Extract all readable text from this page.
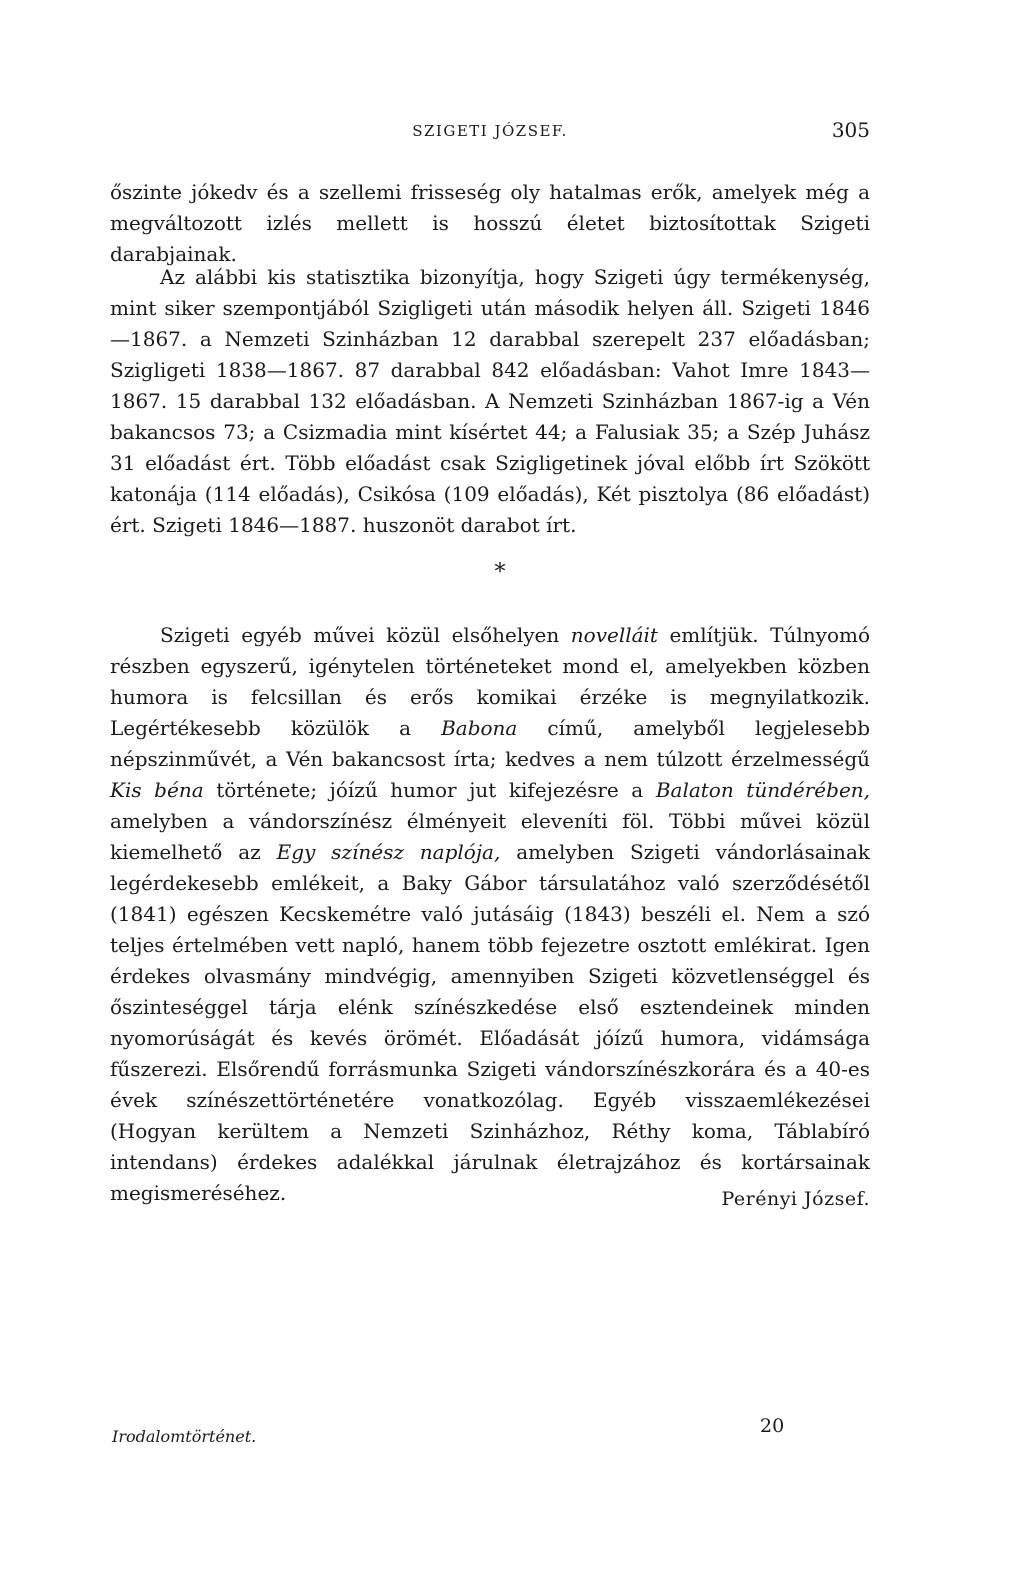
SZIGETI JÓZSEF.	305

őszinte jókedv és a szellemi frisseség oly hatalmas erők, amelyek még a megváltozott izlés mellett is hosszú életet biztosítottak Szigeti darabjainak.

Az alábbi kis statisztika bizonyítja, hogy Szigeti úgy termékenység, mint siker szempontjából Szigligeti után második helyen áll. Szigeti 1846—1867. a Nemzeti Szinházban 12 darabbal szerepelt 237 előadásban; Szigligeti 1838—1867. 87 darabbal 842 előadásban: Vahot Imre 1843—1867. 15 darabbal 132 előadásban. A Nemzeti Szinházban 1867-ig a Vén bakancsos 73; a Csizmadia mint kísértet 44; a Falusiak 35; a Szép Juhász 31 előadást ért. Több előadást csak Szigligetinek jóval előbb írt Szökött katonája (114 előadás), Csikósa (109 előadás), Két pisztolya (86 előadást) ért. Szigeti 1846—1887. huszonöt darabot írt.

*

Szigeti egyéb művei közül elsőhelyen novelláit említjük. Túlnyomó részben egyszerű, igénytelen történeteket mond el, amelyekben közben humora is felcsillan és erős komikai érzéke is megnyilatkozik. Legértékesebb közülök a Babona című, amelyből legjelesebb népszinművét, a Vén bakancsost írta; kedves a nem túlzott érzelmességű Kis béna története; jóízű humor jut kifejezésre a Balaton tündérében, amelyben a vándorszínész élményeit eleveníti föl. Többi művei közül kiemelhető az Egy színész naplója, amelyben Szigeti vándorlásainak legérdekesebb emlékeit, a Baky Gábor társulatához való szerződésétől (1841) egészen Kecskemétre való jutásáig (1843) beszéli el. Nem a szó teljes értelmében vett napló, hanem több fejezetre osztott emlékirat. Igen érdekes olvasmány mindvégig, amennyiben Szigeti közvetlenséggel és őszinteséggel tárja elénk színészkedése első esztendeinek minden nyomorúságát és kevés örömét. Előadását jóízű humora, vidámsága fűszerezi. Elsőrendű forrásmunka Szigeti vándorszínészkorára és a 40-es évek színészettörténetére vonatkozólag. Egyéb visszaemlékezései (Hogyan kerültem a Nemzeti Szinházhoz, Réthy koma, Táblabíró intendans) érdekes adalékkal járulnak életrajzához és kortársainak megismeréséhez.	Perényi József.
Irodalomtörténet.	20
